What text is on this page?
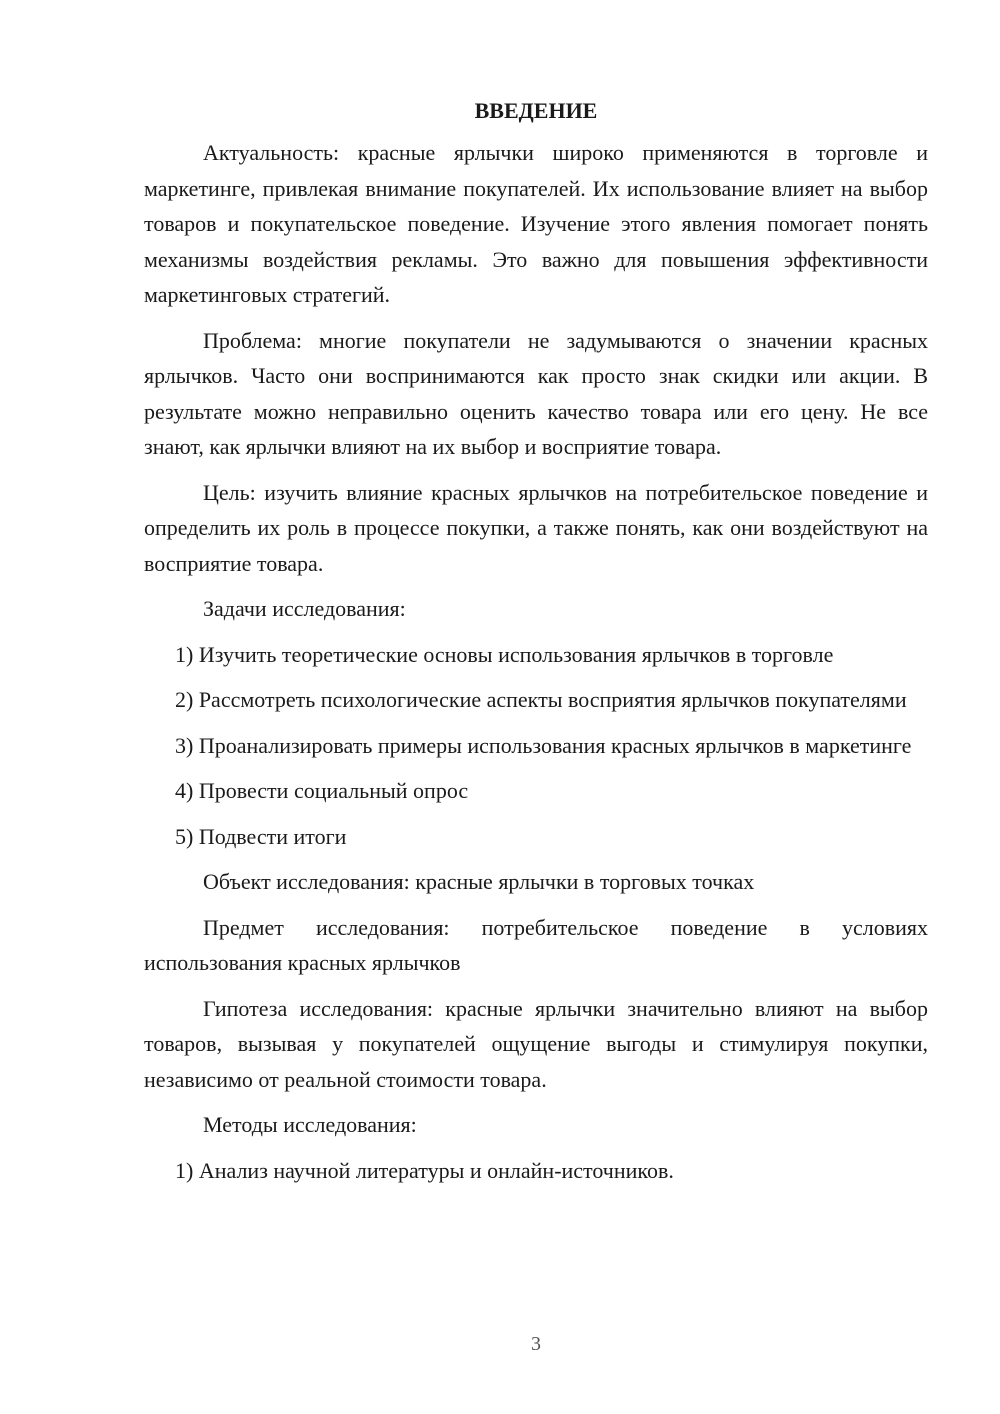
ВВЕДЕНИЕ

Актуальность: красные ярлычки широко применяются в торговле и маркетинге, привлекая внимание покупателей. Их использование влияет на выбор товаров и покупательское поведение. Изучение этого явления помогает понять механизмы воздействия рекламы. Это важно для повышения эффективности маркетинговых стратегий.

Проблема: многие покупатели не задумываются о значении красных ярлычков. Часто они воспринимаются как просто знак скидки или акции. В результате можно неправильно оценить качество товара или его цену. Не все знают, как ярлычки влияют на их выбор и восприятие товара.

Цель: изучить влияние красных ярлычков на потребительское поведение и определить их роль в процессе покупки, а также понять, как они воздействуют на восприятие товара.

Задачи исследования:

1) Изучить теоретические основы использования ярлычков в торговле

2) Рассмотреть психологические аспекты восприятия ярлычков покупателями

3) Проанализировать примеры использования красных ярлычков в маркетинге

4) Провести социальный опрос

5) Подвести итоги

Объект исследования: красные ярлычки в торговых точках

Предмет исследования: потребительское поведение в условиях использования красных ярлычков

Гипотеза исследования: красные ярлычки значительно влияют на выбор товаров, вызывая у покупателей ощущение выгоды и стимулируя покупки, независимо от реальной стоимости товара.

Методы исследования:

1) Анализ научной литературы и онлайн-источников.

3
